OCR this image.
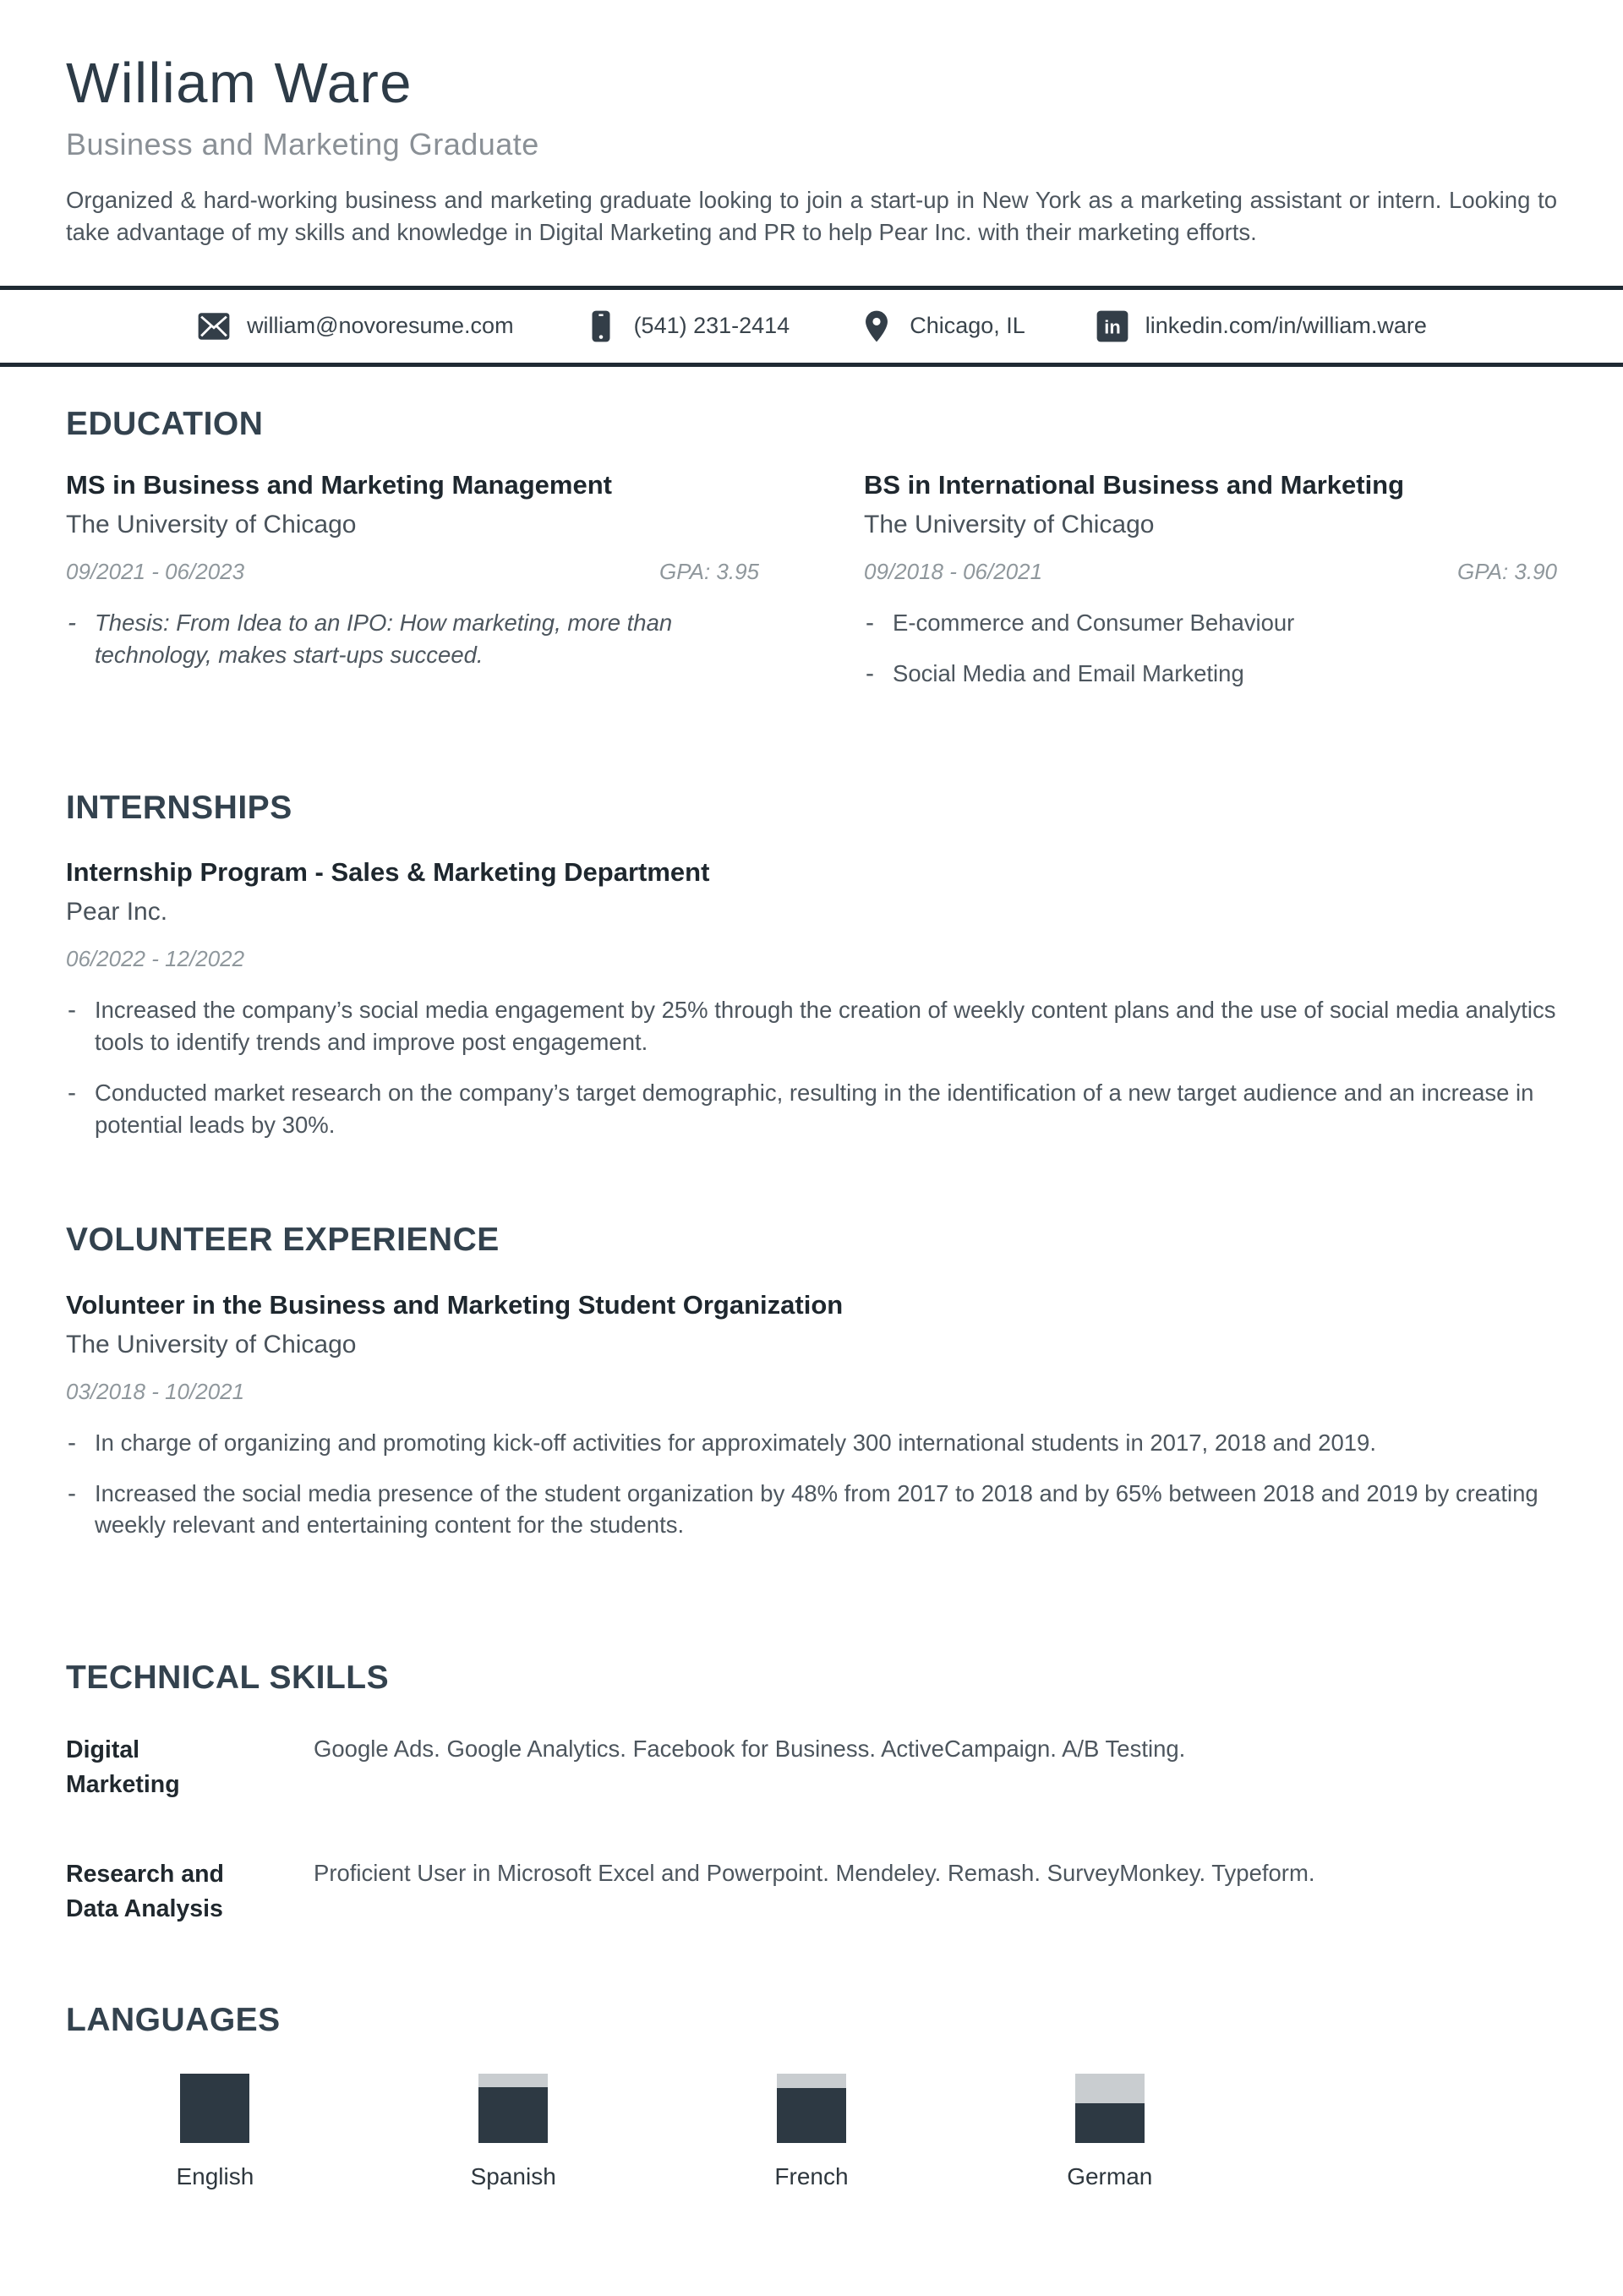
William Ware
Business and Marketing Graduate

Organized & hard-working business and marketing graduate looking to join a start-up in New York as a marketing assistant or intern. Looking to take advantage of my skills and knowledge in Digital Marketing and PR to help Pear Inc. with their marketing efforts.

william@novoresume.com	(541) 231-2414	Chicago, IL	in linkedin.com/in/william.ware
EDUCATION
MS in Business and Marketing Management
The University of Chicago
09/2021 - 06/2023	GPA: 3.95
- Thesis: From Idea to an IPO: How marketing, more than technology, makes start-ups succeed.
BS in International Business and Marketing
The University of Chicago
09/2018 - 06/2021	GPA: 3.90
- E-commerce and Consumer Behaviour
- Social Media and Email Marketing
INTERNSHIPS
Internship Program - Sales & Marketing Department
Pear Inc.
06/2022 - 12/2022
- Increased the company’s social media engagement by 25% through the creation of weekly content plans and the use of social media analytics tools to identify trends and improve post engagement.
- Conducted market research on the company’s target demographic, resulting in the identification of a new target audience and an increase in potential leads by 30%.
VOLUNTEER EXPERIENCE
Volunteer in the Business and Marketing Student Organization
The University of Chicago
03/2018 - 10/2021
- In charge of organizing and promoting kick-off activities for approximately 300 international students in 2017, 2018 and 2019.
- Increased the social media presence of the student organization by 48% from 2017 to 2018 and by 65% between 2018 and 2019 by creating weekly relevant and entertaining content for the students.
TECHNICAL SKILLS
Digital Marketing
Google Ads. Google Analytics. Facebook for Business. ActiveCampaign. A/B Testing.
Research and Data Analysis
Proficient User in Microsoft Excel and Powerpoint. Mendeley. Remash. SurveyMonkey. Typeform.
LANGUAGES
English	Spanish	French	German
